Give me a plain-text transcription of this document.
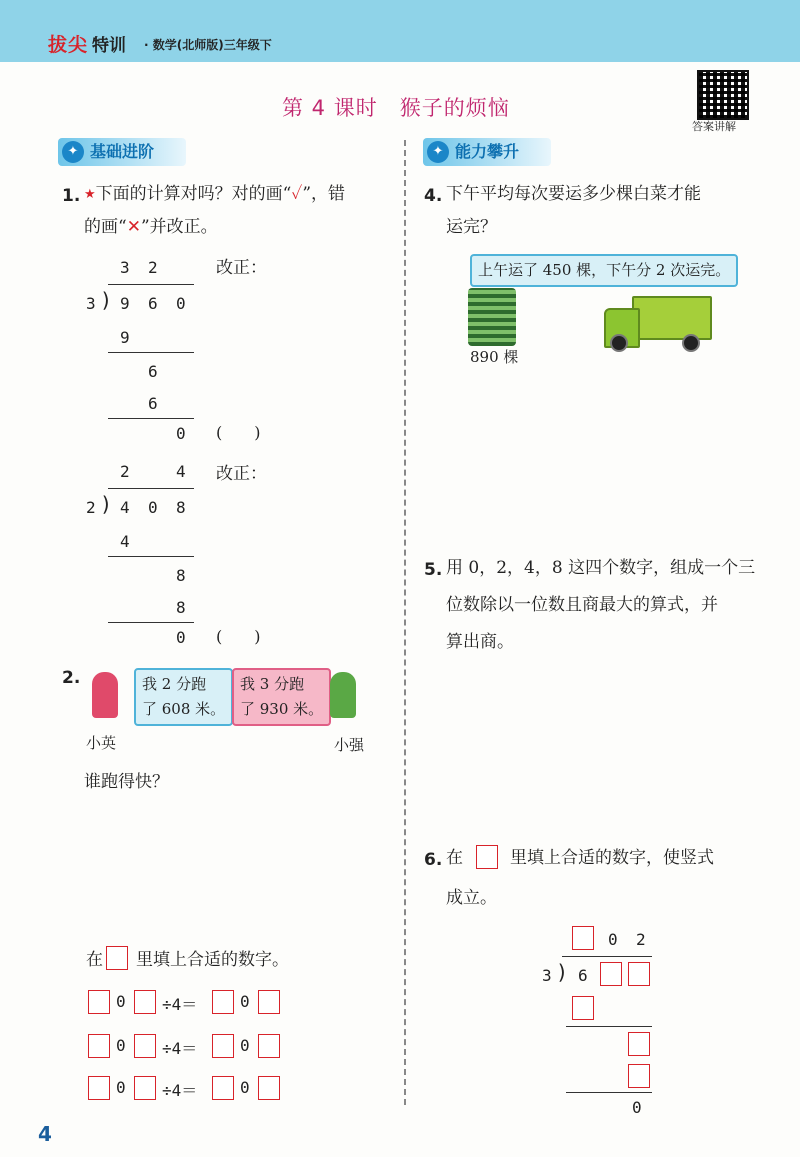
拔尖 特训 · 数学(北师版)三年级下
第 4 课时　猴子的烦恼
答案讲解
✦ 基础进阶	✦ 能力攀升
1. ★下面的计算对吗？对的画“✓”，错
的画“✕”并改正。
3 2
3 ) 9 6 0
9
6
6
0
改正：
(　　)
2	4
2 ) 4 0 8
4
8
8
0
改正：
(　　)
2.	我 2 分跑
了 608 米。
我 3 分跑
了 930 米。
小英	小强
谁跑得快？
在 里填上合适的数字。
0 ÷4＝	0
0 ÷4＝	0
0 ÷4＝	0
4. 下午平均每次要运多少棵白菜才能
运完？
上午运了 450 棵，下午分 2 次运完。
890 棵
5. 用 0，2，4，8 这四个数字，组成一个三
位数除以一位数且商最大的算式，并
算出商。
6. 在	里填上合适的数字，使竖式
成立。
0 2
3 ) 6
0
4
